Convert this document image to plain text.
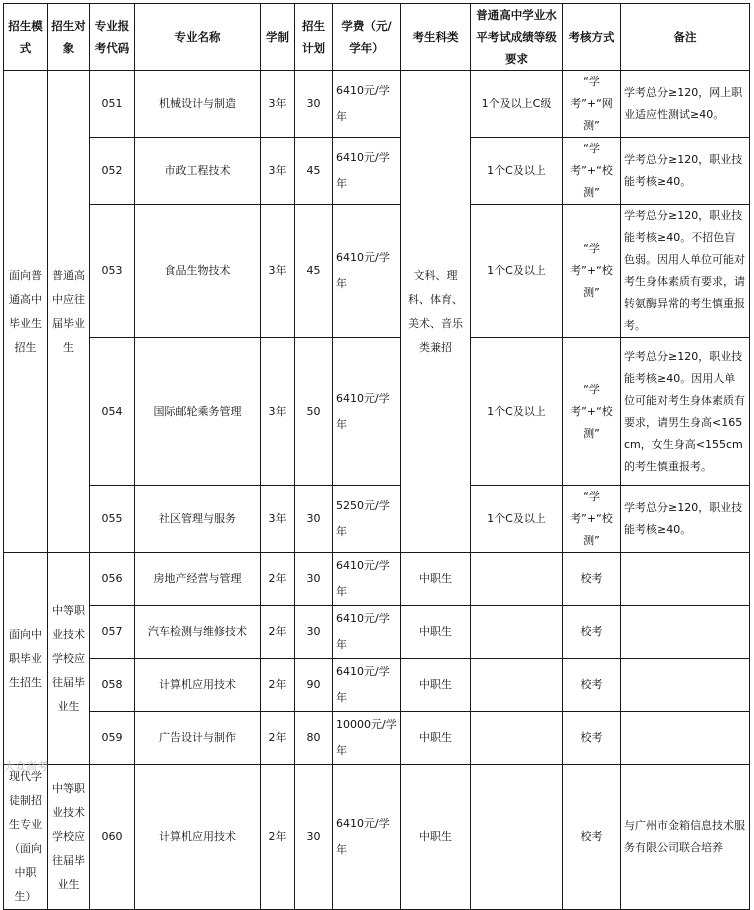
招生模式	招生对象	专业报考代码	专业名称	学制	招生计划	学费（元/学年）	考生科类	普通高中学业水平考试成绩等级要求	考核方式	备注
面向普通高中毕业生招生	普通高中应往届毕业生	051	机械设计与制造	3年	30	6410元/学年	文科、理科、体育、美术、音乐类兼招	1个及以上C级	“学考”+“网测”	学考总分≥120，网上职业适应性测试≥40。
		052	市政工程技术	3年	45	6410元/学年		1个C及以上	“学考”+“校测”	学考总分≥120，职业技能考核≥40。
		053	食品生物技术	3年	45	6410元/学年		1个C及以上	“学考”+“校测”	学考总分≥120，职业技能考核≥40。不招色盲色弱。因用人单位可能对考生身体素质有要求，请转氨酶异常的考生慎重报考。
		054	国际邮轮乘务管理	3年	50	6410元/学年		1个C及以上	“学考”+“校测”	学考总分≥120，职业技能考核≥40。因用人单位可能对考生身体素质有要求，请男生身高<165cm，女生身高<155cm的考生慎重报考。
		055	社区管理与服务	3年	30	5250元/学年		1个C及以上	“学考”+“校测”	学考总分≥120，职业技能考核≥40。
面向中职毕业生招生	中等职业技术学校应往届毕业生	056	房地产经营与管理	2年	30	6410元/学年	中职生		校考	
		057	汽车检测与维修技术	2年	30	6410元/学年	中职生		校考	
		058	计算机应用技术	2年	90	6410元/学年	中职生		校考	
		059	广告设计与制作	2年	80	10000元/学年	中职生		校考	
现代学徒制招生专业（面向中职生）	中等职业技术学校应往届毕业生	060	计算机应用技术	2年	30	6410元/学年	中职生		校考	与广州市金箱信息技术服务有限公司联合培养
大众高考
